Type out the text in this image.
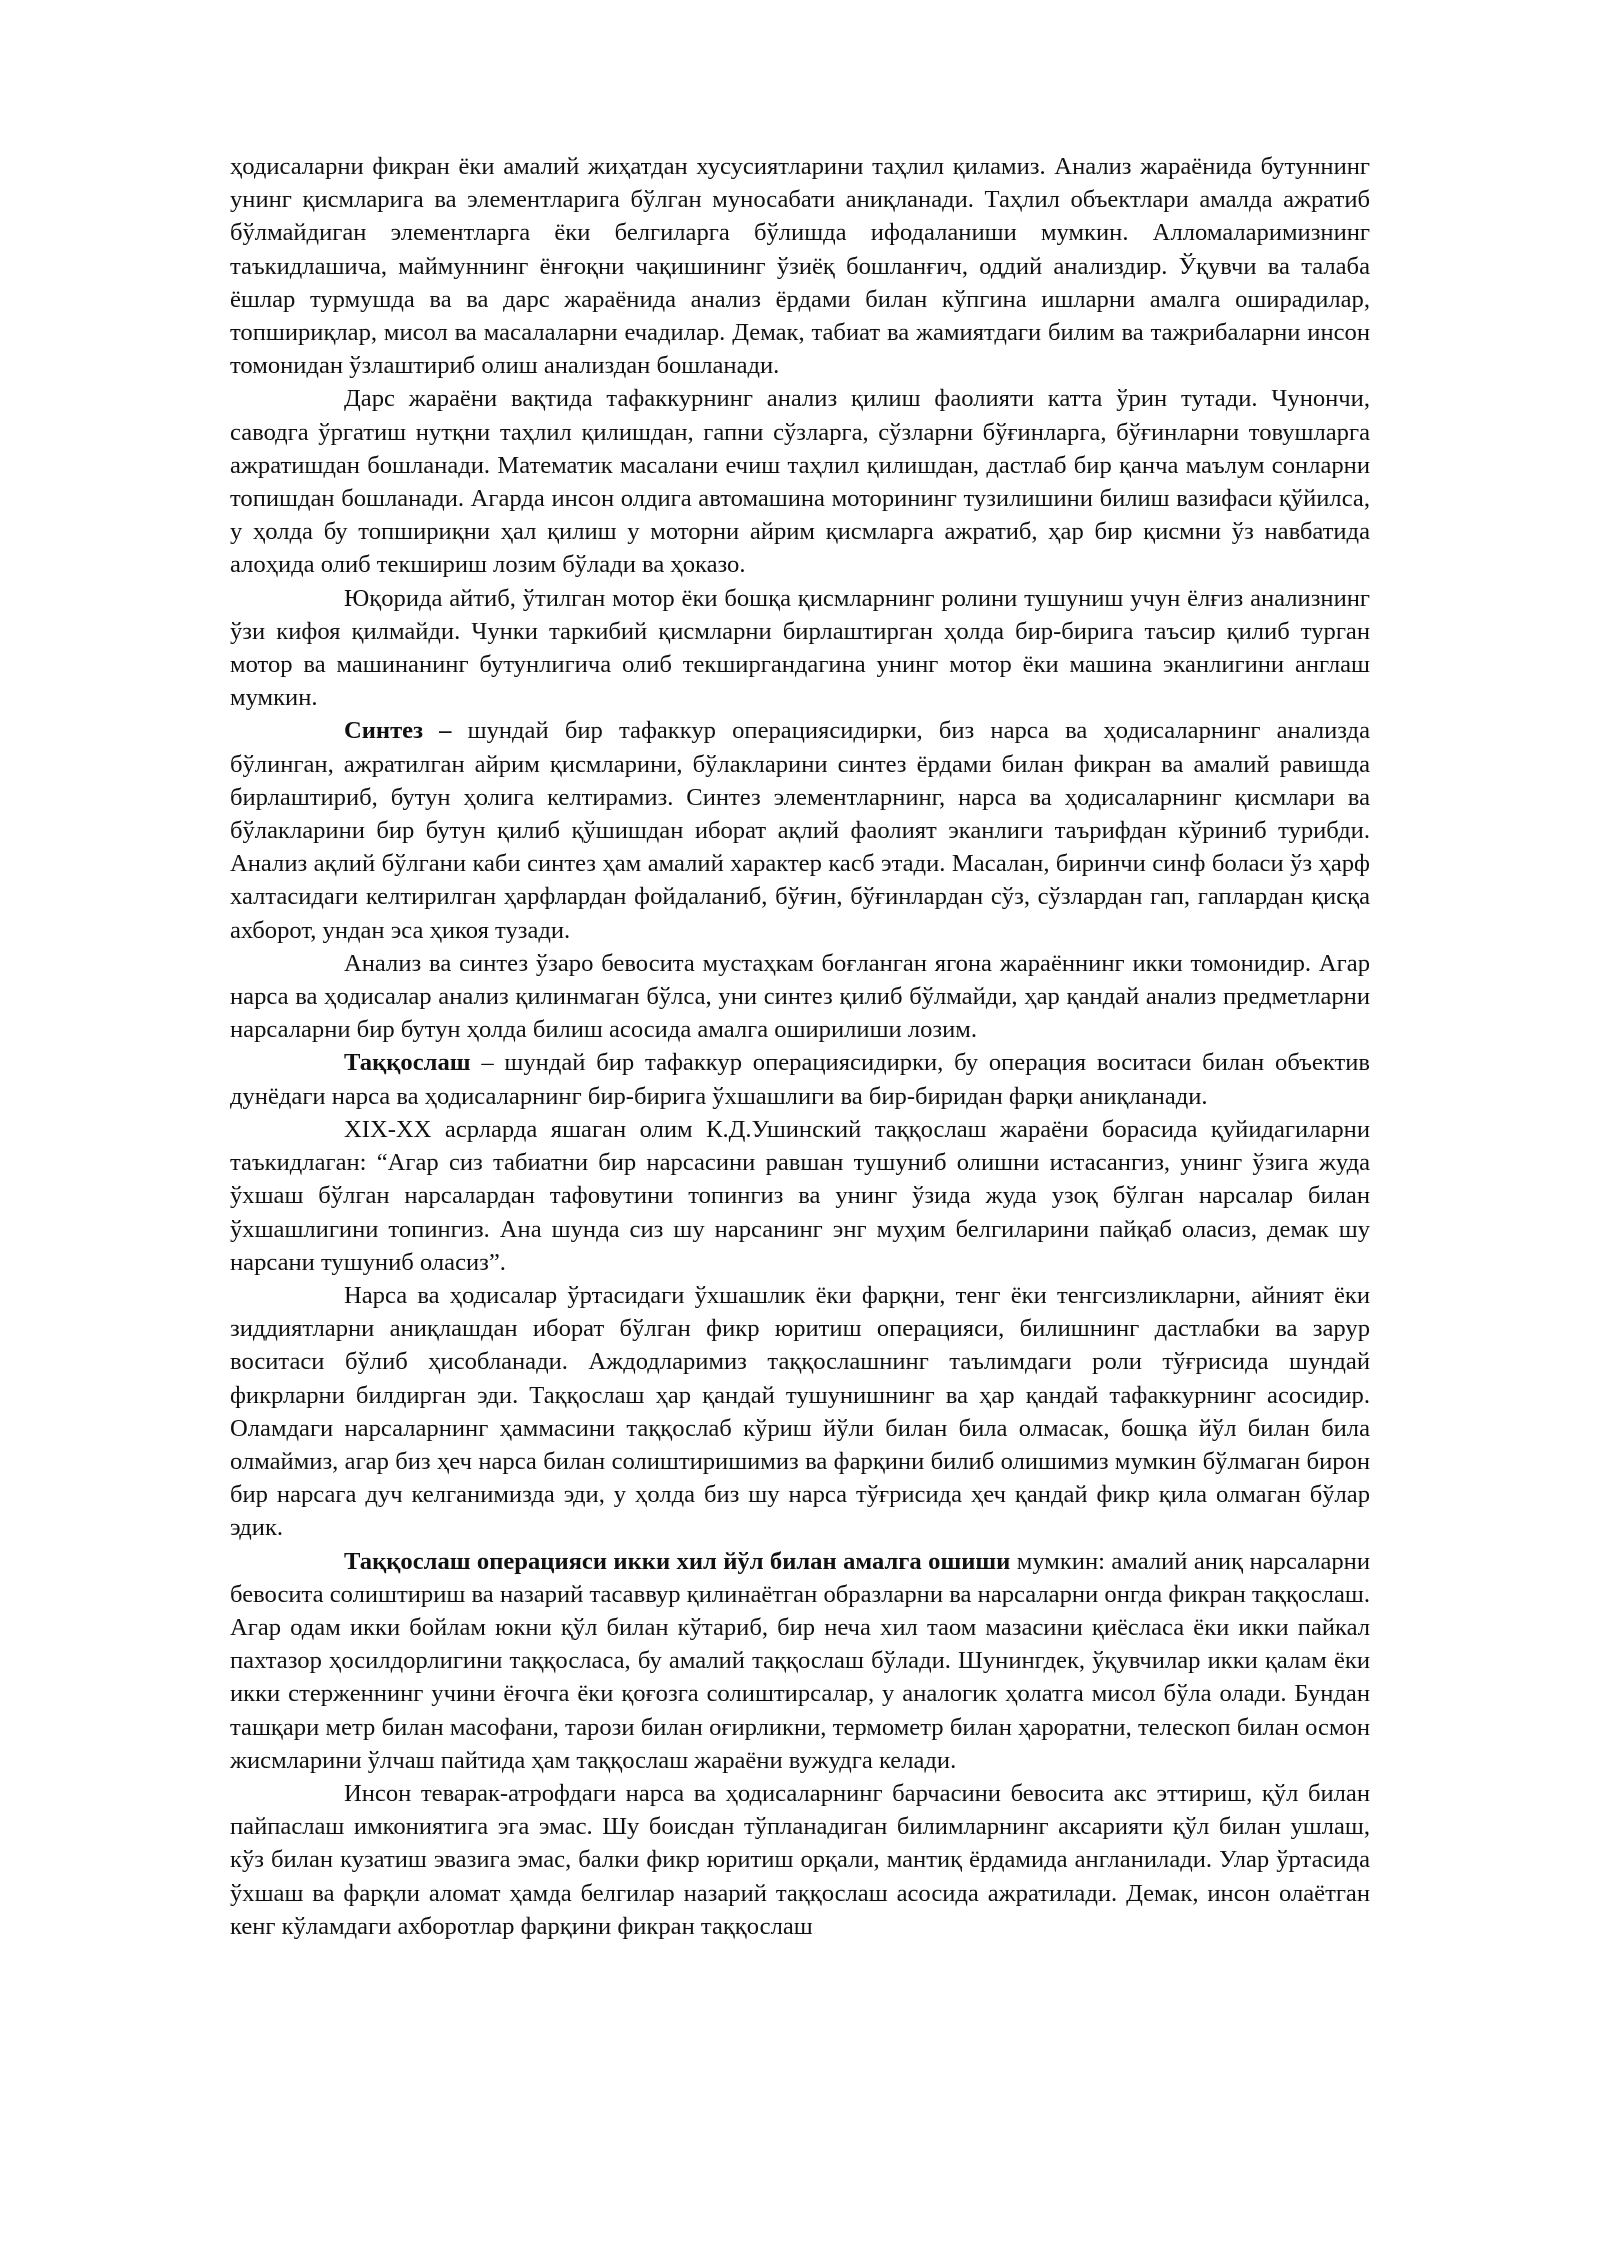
ҳодисаларни фикран ёки амалий жиҳатдан хусусиятларини таҳлил қиламиз. Анализ жараёнида бутуннинг унинг қисмларига ва элементларига бўлган муносабати аниқланади. Таҳлил объектлари амалда ажратиб бўлмайдиган элементларга ёки белгиларга бўлишда ифодаланиши мумкин. Алломаларимизнинг таъкидлашича, маймуннинг ёнғоқни чақишининг ўзиёқ бошланғич, оддий анализдир. Ўқувчи ва талаба ёшлар турмушда ва ва дарс жараёнида анализ ёрдами билан кўпгина ишларни амалга оширадилар, топшириқлар, мисол ва масалаларни ечадилар. Демак, табиат ва жамиятдаги билим ва тажрибаларни инсон томонидан ўзлаштириб олиш анализдан бошланади.

Дарс жараёни вақтида тафаккурнинг анализ қилиш фаолияти катта ўрин тутади. Чунончи, саводга ўргатиш нутқни таҳлил қилишдан, гапни сўзларга, сўзларни бўғинларга, бўғинларни товушларга ажратишдан бошланади. Математик масалани ечиш таҳлил қилишдан, дастлаб бир қанча маълум сонларни топишдан бошланади. Агарда инсон олдига автомашина моторининг тузилишини билиш вазифаси қўйилса, у ҳолда бу топшириқни ҳал қилиш у моторни айрим қисмларга ажратиб, ҳар бир қисмни ўз навбатида алоҳида олиб текшириш лозим бўлади ва ҳоказо.

Юқорида айтиб, ўтилган мотор ёки бошқа қисмларнинг ролини тушуниш учун ёлғиз анализнинг ўзи кифоя қилмайди. Чунки таркибий қисмларни бирлаштирган ҳолда бир-бирига таъсир қилиб турган мотор ва машинанинг бутунлигича олиб текширгандагина унинг мотор ёки машина эканлигини англаш мумкин.

Синтез – шундай бир тафаккур операциясидирки, биз нарса ва ҳодисаларнинг анализда бўлинган, ажратилган айрим қисмларини, бўлакларини синтез ёрдами билан фикран ва амалий равишда бирлаштириб, бутун ҳолига келтирамиз. Синтез элементларнинг, нарса ва ҳодисаларнинг қисмлари ва бўлакларини бир бутун қилиб қўшишдан иборат ақлий фаолият эканлиги таърифдан кўриниб турибди. Анализ ақлий бўлгани каби синтез ҳам амалий характер касб этади. Масалан, биринчи синф боласи ўз ҳарф халтасидаги келтирилган ҳарфлардан фойдаланиб, бўғин, бўғинлардан сўз, сўзлардан гап, гаплардан қисқа ахборот, ундан эса ҳикоя тузади.

Анализ ва синтез ўзаро бевосита мустаҳкам боғланган ягона жараённинг икки томонидир. Агар нарса ва ҳодисалар анализ қилинмаган бўлса, уни синтез қилиб бўлмайди, ҳар қандай анализ предметларни нарсаларни бир бутун ҳолда билиш асосида амалга оширилиши лозим.

Таққослаш – шундай бир тафаккур операциясидирки, бу операция воситаси билан объектив дунёдаги нарса ва ҳодисаларнинг бир-бирига ўхшашлиги ва бир-биридан фарқи аниқланади.

XIX-XX асрларда яшаган олим К.Д.Ушинский таққослаш жараёни борасида қуйидагиларни таъкидлаган: “Агар сиз табиатни бир нарсасини равшан тушуниб олишни истасангиз, унинг ўзига жуда ўхшаш бўлган нарсалардан тафовутини топингиз ва унинг ўзида жуда узоқ бўлган нарсалар билан ўхшашлигини топингиз. Ана шунда сиз шу нарсанинг энг муҳим белгиларини пайқаб оласиз, демак шу нарсани тушуниб оласиз”.

Нарса ва ҳодисалар ўртасидаги ўхшашлик ёки фарқни, тенг ёки тенгсизликларни, айният ёки зиддиятларни аниқлашдан иборат бўлган фикр юритиш операцияси, билишнинг дастлабки ва зарур воситаси бўлиб ҳисобланади. Аждодларимиз таққослашнинг таълимдаги роли тўғрисида шундай фикрларни билдирган эди. Таққослаш ҳар қандай тушунишнинг ва ҳар қандай тафаккурнинг асосидир. Оламдаги нарсаларнинг ҳаммасини таққослаб кўриш йўли билан била олмасак, бошқа йўл билан била олмаймиз, агар биз ҳеч нарса билан солиштиришимиз ва фарқини билиб олишимиз мумкин бўлмаган бирон бир нарсага дуч келганимизда эди, у ҳолда биз шу нарса тўғрисида ҳеч қандай фикр қила олмаган бўлар эдик.

Таққослаш операцияси икки хил йўл билан амалга ошиши мумкин: амалий аниқ нарсаларни бевосита солиштириш ва назарий тасаввур қилинаётган образларни ва нарсаларни онгда фикран таққослаш. Агар одам икки бойлам юкни қўл билан кўтариб, бир неча хил таом мазасини қиёсласа ёки икки пайкал пахтазор ҳосилдорлигини таққосласа, бу амалий таққослаш бўлади. Шунингдек, ўқувчилар икки қалам ёки икки стерженнинг учини ёғочга ёки қоғозга солиштирсалар, у аналогик ҳолатга мисол бўла олади. Бундан ташқари метр билан масофани, тарози билан оғирликни, термометр билан ҳароратни, телескоп билан осмон жисмларини ўлчаш пайтида ҳам таққослаш жараёни вужудга келади.

Инсон теварак-атрофдаги нарса ва ҳодисаларнинг барчасини бевосита акс эттириш, қўл билан пайпаслаш имкониятига эга эмас. Шу боисдан тўпланадиган билимларнинг аксарияти қўл билан ушлаш, кўз билан кузатиш эвазига эмас, балки фикр юритиш орқали, мантиқ ёрдамида англанилади. Улар ўртасида ўхшаш ва фарқли аломат ҳамда белгилар назарий таққослаш асосида ажратилади. Демак, инсон олаётган кенг кўламдаги ахборотлар фарқини фикран таққослаш
